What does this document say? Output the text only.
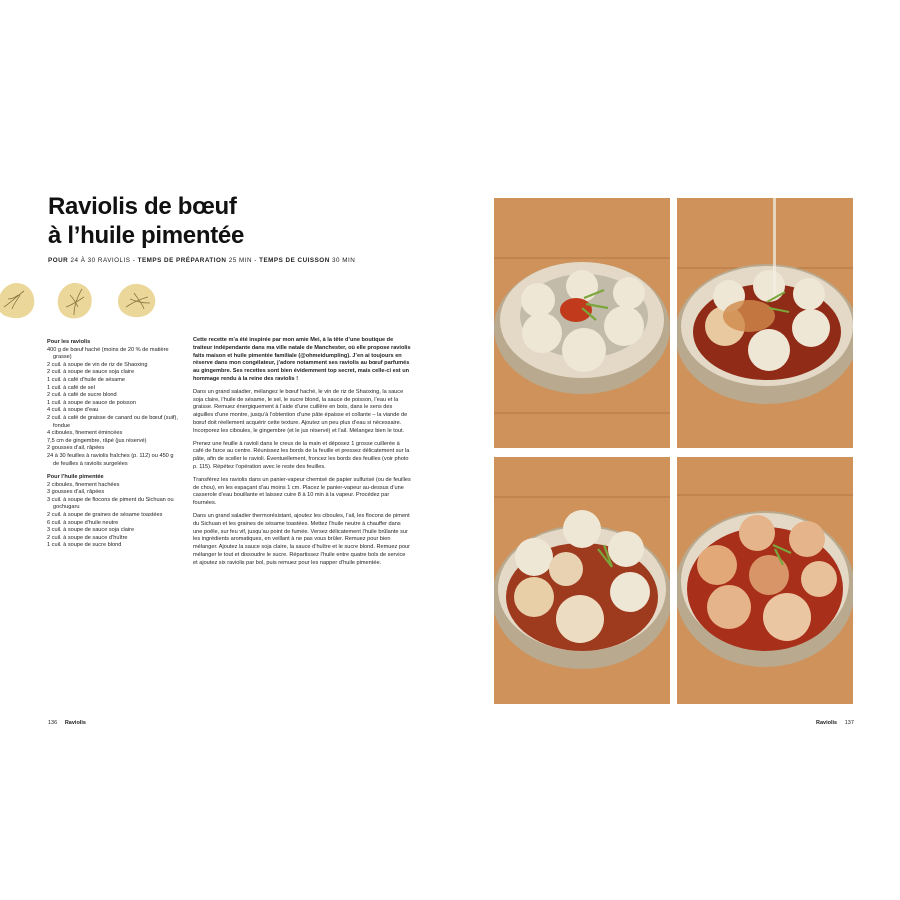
Raviolis de bœuf
à l’huile pimentée
POUR 24 À 30 RAVIOLIS - TEMPS DE PRÉPARATION 25 MIN - TEMPS DE CUISSON 30 MIN
Pour les raviolis
400 g de bœuf haché (moins de 20 % de matière grasse)
2 cuil. à soupe de vin de riz de Shaoxing
2 cuil. à soupe de sauce soja claire
1 cuil. à café d’huile de sésame
1 cuil. à café de sel
2 cuil. à café de sucre blond
1 cuil. à soupe de sauce de poisson
4 cuil. à soupe d’eau
2 cuil. à café de graisse de canard ou de bœuf (suif), fondue
4 ciboules, finement émincées
7,5 cm de gingembre, râpé (jus réservé)
2 gousses d’ail, râpées
24 à 30 feuilles à raviolis fraîches (p. 112) ou 450 g de feuilles à raviolis surgelées
Pour l’huile pimentée
2 ciboules, finement hachées
3 gousses d’ail, râpées
3 cuil. à soupe de flocons de piment du Sichuan ou gochugaru
2 cuil. à soupe de graines de sésame toastées
6 cuil. à soupe d’huile neutre
3 cuil. à soupe de sauce soja claire
2 cuil. à soupe de sauce d’huître
1 cuil. à soupe de sucre blond

Cette recette m’a été inspirée par mon amie Mei, à la tête d’une boutique de traiteur indépendante dans ma ville natale de Manchester, où elle propose raviolis faits maison et huile pimentée familiale (@ohmeidumpling). J’en ai toujours en réserve dans mon congélateur, j’adore notamment ses raviolis au bœuf parfumés au gingembre. Ses recettes sont bien évidemment top secret, mais celle-ci est un hommage rendu à la reine des raviolis !

Dans un grand saladier, mélangez le bœuf haché, le vin de riz de Shaoxing, la sauce soja claire, l’huile de sésame, le sel, le sucre blond, la sauce de poisson, l’eau et la graisse. Remuez énergiquement à l’aide d’une cuillère en bois, dans le sens des aiguilles d’une montre, jusqu’à l’obtention d’une pâte épaisse et collante – la viande de bœuf doit réellement acquérir cette texture. Ajoutez un peu plus d’eau si nécessaire. Incorporez les ciboules, le gingembre (et le jus réservé) et l’ail. Mélangez bien le tout.

Prenez une feuille à ravioli dans le creux de la main et déposez 1 grosse cuillerée à café de farce au centre. Réunissez les bords de la feuille et pressez délicatement sur la pâte, afin de sceller le ravioli. Éventuellement, froncez les bords des feuilles (voir photo p. 115). Répétez l’opération avec le reste des feuilles.

Transférez les raviolis dans un panier-vapeur chemisé de papier sulfurisé (ou de feuilles de chou), en les espaçant d’au moins 1 cm. Placez le panier-vapeur au-dessus d’une casserole d’eau bouillante et laissez cuire 8 à 10 min à la vapeur. Procédez par fournées.

Dans un grand saladier thermorésistant, ajoutez les ciboules, l’ail, les flocons de piment du Sichuan et les graines de sésame toastées. Mettez l’huile neutre à chauffer dans une poêle, sur feu vif, jusqu’au point de fumée. Versez délicatement l’huile brûlante sur les ingrédients aromatiques, en veillant à ne pas vous brûler. Remuez pour bien mélanger. Ajoutez la sauce soja claire, la sauce d’huître et le sucre blond. Remuez pour mélanger le tout et dissoudre le sucre. Répartissez l’huile entre quatre bols de service et ajoutez six raviolis par bol, puis remuez pour les napper d’huile pimentée.

136 Raviolis	Raviolis 137
